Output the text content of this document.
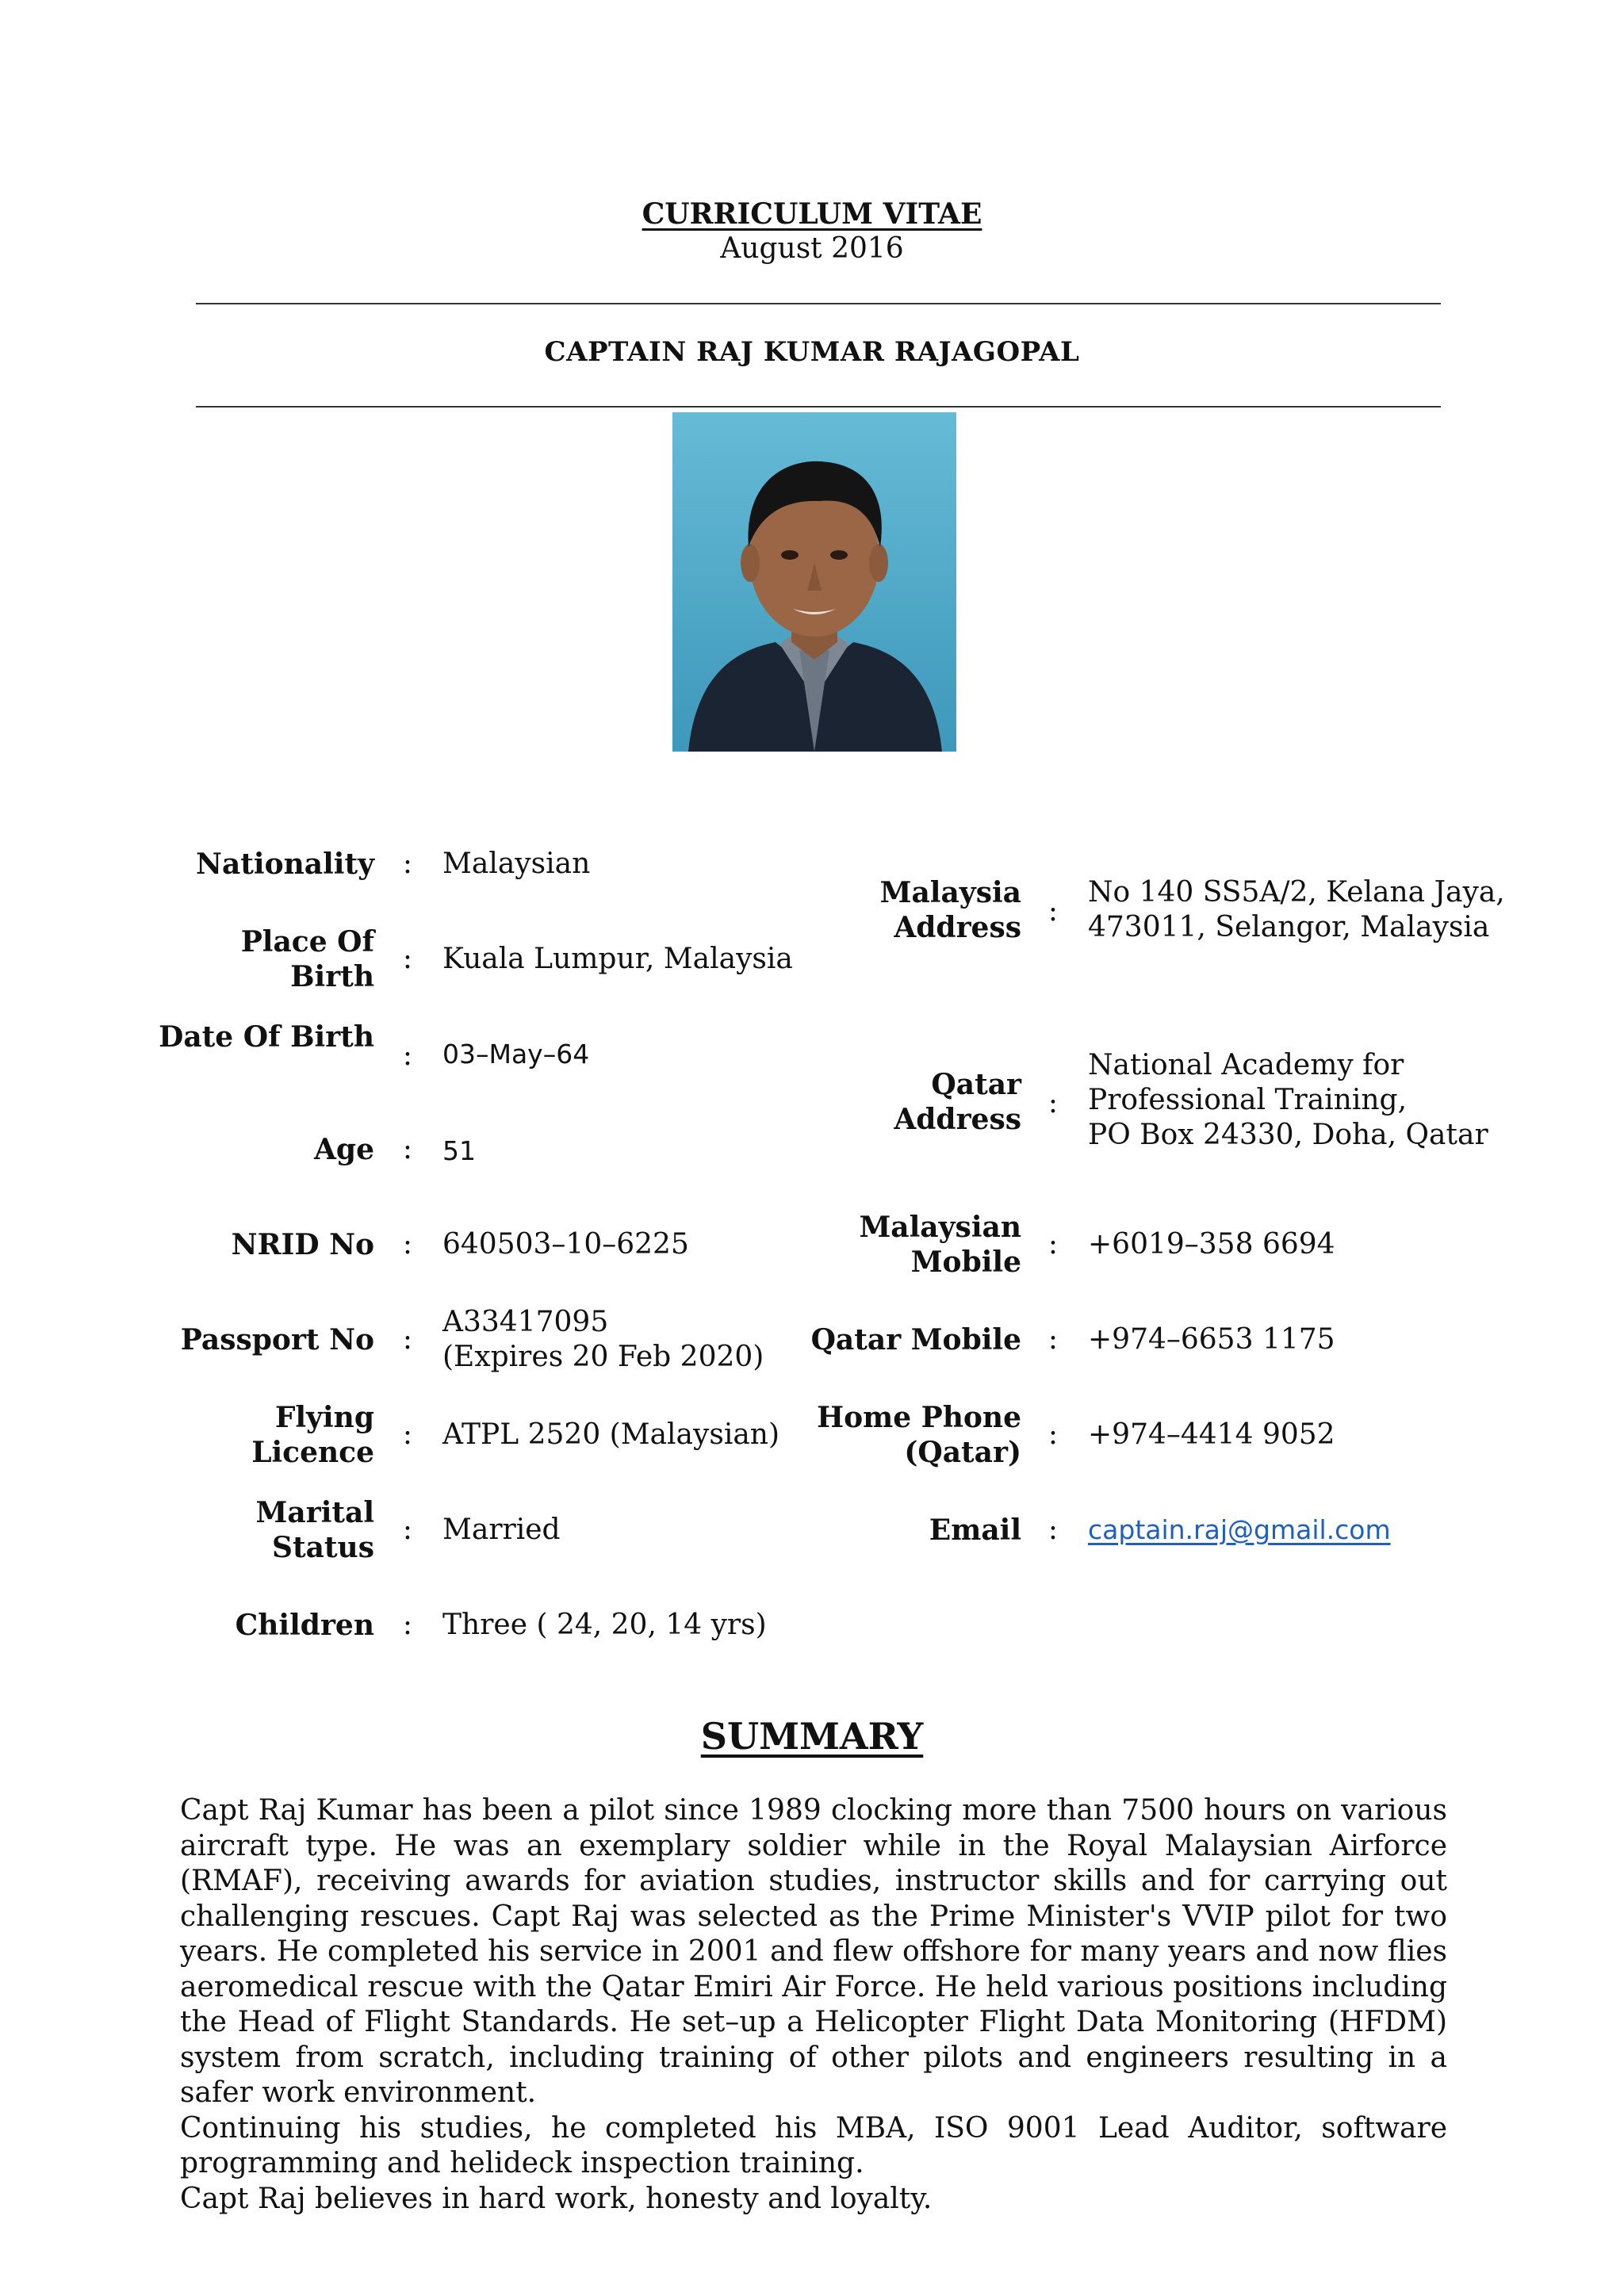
CURRICULUM VITAE
August 2016
CAPTAIN RAJ KUMAR RAJAGOPAL
Nationality : Malaysian
Place Of Birth
: Kuala Lumpur, Malaysia
Date Of Birth
: 03–May–64
Age : 51
NRID No : 640503–10–6225
Passport No :
A33417095
(Expires 20 Feb 2020)
Flying Licence
: ATPL 2520 (Malaysian)
Marital Status
: Married
Children : Three ( 24, 20, 14 yrs)
Malaysia Address :
No 140 SS5A/2, Kelana Jaya,
473011, Selangor, Malaysia
Qatar Address :
National Academy for
Professional Training,
PO Box 24330, Doha, Qatar
Malaysian Mobile
: +6019–358 6694
Qatar Mobile : +974–6653 1175
Home Phone (Qatar)
: +974–4414 9052
Email : captain.raj@gmail.com
SUMMARY

Capt Raj Kumar has been a pilot since 1989 clocking more than 7500 hours on various aircraft type. He was an exemplary soldier while in the Royal Malaysian Airforce (RMAF), receiving awards for aviation studies, instructor skills and for carrying out challenging rescues. Capt Raj was selected as the Prime Minister's VVIP pilot for two years. He completed his service in 2001 and flew offshore for many years and now flies aeromedical rescue with the Qatar Emiri Air Force. He held various positions including the Head of Flight Standards. He set–up a Helicopter Flight Data Monitoring (HFDM) system from scratch, including training of other pilots and engineers resulting in a safer work environment.

Continuing his studies, he completed his MBA, ISO 9001 Lead Auditor, software programming and helideck inspection training.

Capt Raj believes in hard work, honesty and loyalty.
